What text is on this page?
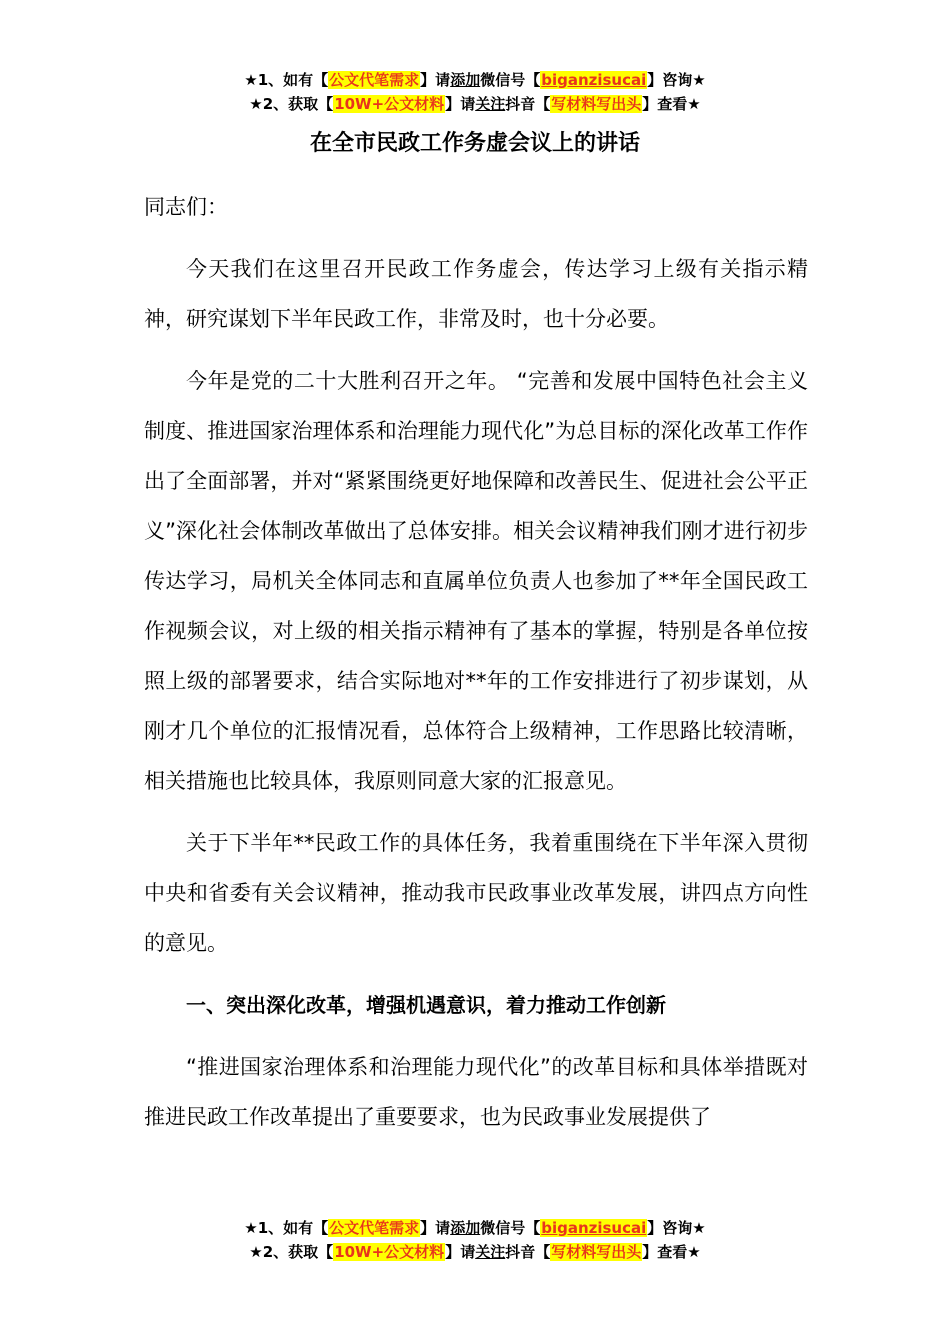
★1、如有【公文代笔需求】请添加微信号【biganzisucai】咨询★
★2、获取【10W+公文材料】请关注抖音【写材料写出头】查看★
在全市民政工作务虚会议上的讲话

同志们：

今天我们在这里召开民政工作务虚会，传达学习上级有关指示精神，研究谋划下半年民政工作，非常及时，也十分必要。

今年是党的二十大胜利召开之年。 “完善和发展中国特色社会主义制度、推进国家治理体系和治理能力现代化”为总目标的深化改革工作作出了全面部署，并对“紧紧围绕更好地保障和改善民生、促进社会公平正义”深化社会体制改革做出了总体安排。相关会议精神我们刚才进行初步传达学习，局机关全体同志和直属单位负责人也参加了**年全国民政工作视频会议，对上级的相关指示精神有了基本的掌握，特别是各单位按照上级的部署要求，结合实际地对**年的工作安排进行了初步谋划，从刚才几个单位的汇报情况看，总体符合上级精神，工作思路比较清晰，相关措施也比较具体，我原则同意大家的汇报意见。

关于下半年**民政工作的具体任务，我着重围绕在下半年深入贯彻中央和省委有关会议精神，推动我市民政事业改革发展，讲四点方向性的意见。

一、突出深化改革，增强机遇意识，着力推动工作创新

“推进国家治理体系和治理能力现代化”的改革目标和具体举措既对推进民政工作改革提出了重要要求，也为民政事业发展提供了

★1、如有【公文代笔需求】请添加微信号【biganzisucai】咨询★
★2、获取【10W+公文材料】请关注抖音【写材料写出头】查看★
